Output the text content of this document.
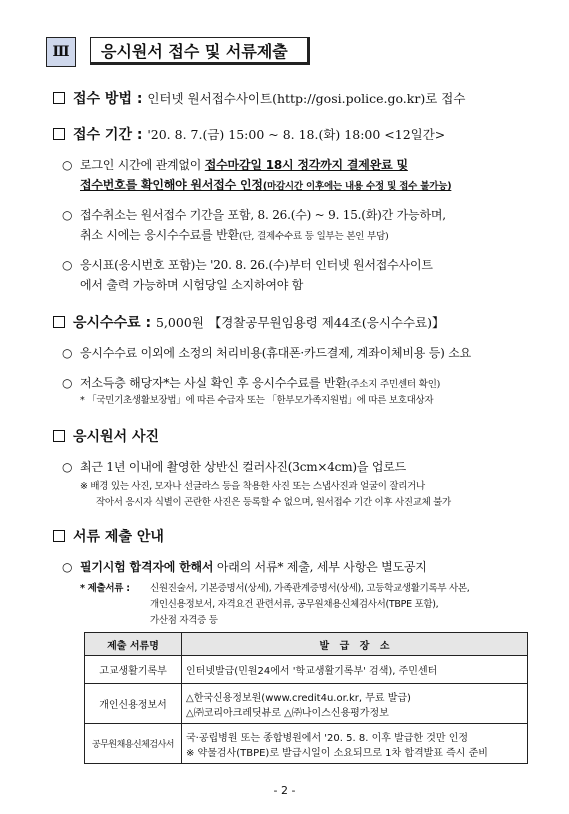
Ⅲ	응시원서 접수 및 서류제출
접수 방법 : 인터넷 원서접수사이트(http://gosi.police.go.kr)로 접수
접수 기간 : '20. 8. 7.(금) 15:00 ~ 8. 18.(화) 18:00 <12일간>
○ 로그인 시간에 관계없이 접수마감일 18시 정각까지 결제완료 및
접수번호를 확인해야 원서접수 인정(마감시간 이후에는 내용 수정 및 접수 불가능)
○ 접수취소는 원서접수 기간을 포함, 8. 26.(수) ~ 9. 15.(화)간 가능하며,
취소 시에는 응시수수료를 반환(단, 결제수수료 등 일부는 본인 부담)
○ 응시표(응시번호 포함)는 '20. 8. 26.(수)부터 인터넷 원서접수사이트
에서 출력 가능하며 시험당일 소지하여야 함
응시수수료 : 5,000원 【경찰공무원임용령 제44조(응시수수료)】
○ 응시수수료 이외에 소정의 처리비용(휴대폰·카드결제, 계좌이체비용 등) 소요
○ 저소득층 해당자*는 사실 확인 후 응시수수료를 반환(주소지 주민센터 확인)
* 「국민기초생활보장법」에 따른 수급자 또는 「한부모가족지원법」에 따른 보호대상자
응시원서 사진
○ 최근 1년 이내에 촬영한 상반신 컬러사진(3cm×4cm)을 업로드
※ 배경 있는 사진, 모자나 선글라스 등을 착용한 사진 또는 스냅사진과 얼굴이 잘리거나
작아서 응시자 식별이 곤란한 사진은 등록할 수 없으며, 원서접수 기간 이후 사진교체 불가
서류 제출 안내
○ 필기시험 합격자에 한해서 아래의 서류* 제출, 세부 사항은 별도공지
* 제출서류 : 신원진술서, 기본증명서(상세), 가족관계증명서(상세), 고등학교생활기록부 사본,
개인신용정보서, 자격요건 관련서류, 공무원채용신체검사서(TBPE 포함),
가산점 자격증 등
제출 서류명	발   급   장   소
고교생활기록부	인터넷발급(민원24에서 '학교생활기록부' 검색), 주민센터
개인신용정보서	△한국신용정보원(www.credit4u.or.kr, 무료 발급)
△㈜코리아크레딧뷰로 △㈜나이스신용평가정보

공무원채용신체검사서	국·공립병원 또는 종합병원에서 '20. 5. 8. 이후 발급한 것만 인정
※ 약물검사(TBPE)로 발급시일이 소요되므로 1차 합격발표 즉시 준비
- 2 -
